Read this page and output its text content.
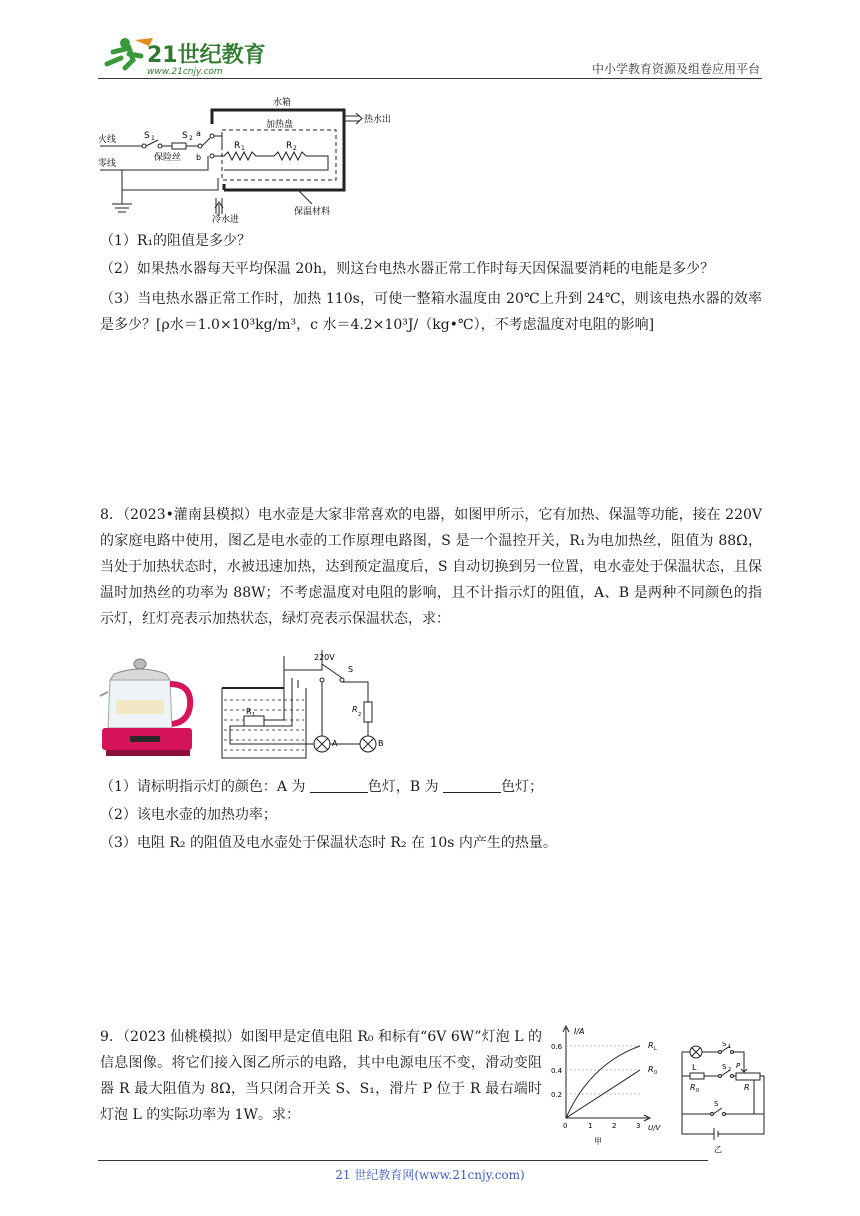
21世纪教育
www.21cnjy.com	中小学教育资源及组卷应用平台
水箱
热水出
加热盘
火线
零线
保险丝
冷水进
保温材料
S 1	S 2
a
b
R 1	R 2
（1）R₁的阻值是多少？
（2）如果热水器每天平均保温 20h，则这台电热水器正常工作时每天因保温要消耗的电能是多少？
（3）当电热水器正常工作时，加热 110s，可使一整箱水温度由 20℃上升到 24℃，则该电热水器的效率是多少？[ρ水＝1.0×10³kg/m³，c 水＝4.2×10³J/（kg•℃），不考虑温度对电阻的影响]
8．（2023•灌南县模拟）电水壶是大家非常喜欢的电器，如图甲所示，它有加热、保温等功能，接在 220V 的家庭电路中使用，图乙是电水壶的工作原理电路图，S 是一个温控开关，R₁为电加热丝，阻值为 88Ω，当处于加热状态时，水被迅速加热，达到预定温度后，S 自动切换到另一位置，电水壶处于保温状态，且保温时加热丝的功率为 88W；不考虑温度对电阻的影响，且不计指示灯的阻值，A、B 是两种不同颜色的指示灯，红灯亮表示加热状态，绿灯亮表示保温状态，求：
220V
S
R 1
R
2
A	B
（1）请标明指示灯的颜色：A 为	色灯，B 为	色灯；
（2）该电水壶的加热功率；
（3）电阻 R₂ 的阻值及电水壶处于保温状态时 R₂ 在 10s 内产生的热量。
9．（2023 仙桃模拟）如图甲是定值电阻 R₀ 和标有“6V 6W”灯泡 L 的信息图像。将它们接入图乙所示的电路，其中电源电压不变，滑动变阻器 R 最大阻值为 8Ω，当只闭合开关 S、S₁，滑片 P 位于 R 最右端时灯泡 L 的实际功率为 1W。求：
I/A
U/V
0.6
0.4
0.2
0	1	2	3
R L
R 0
甲
L
R 0
S 1
S 2 P
R
S
乙
21 世纪教育网(www.21cnjy.com)
